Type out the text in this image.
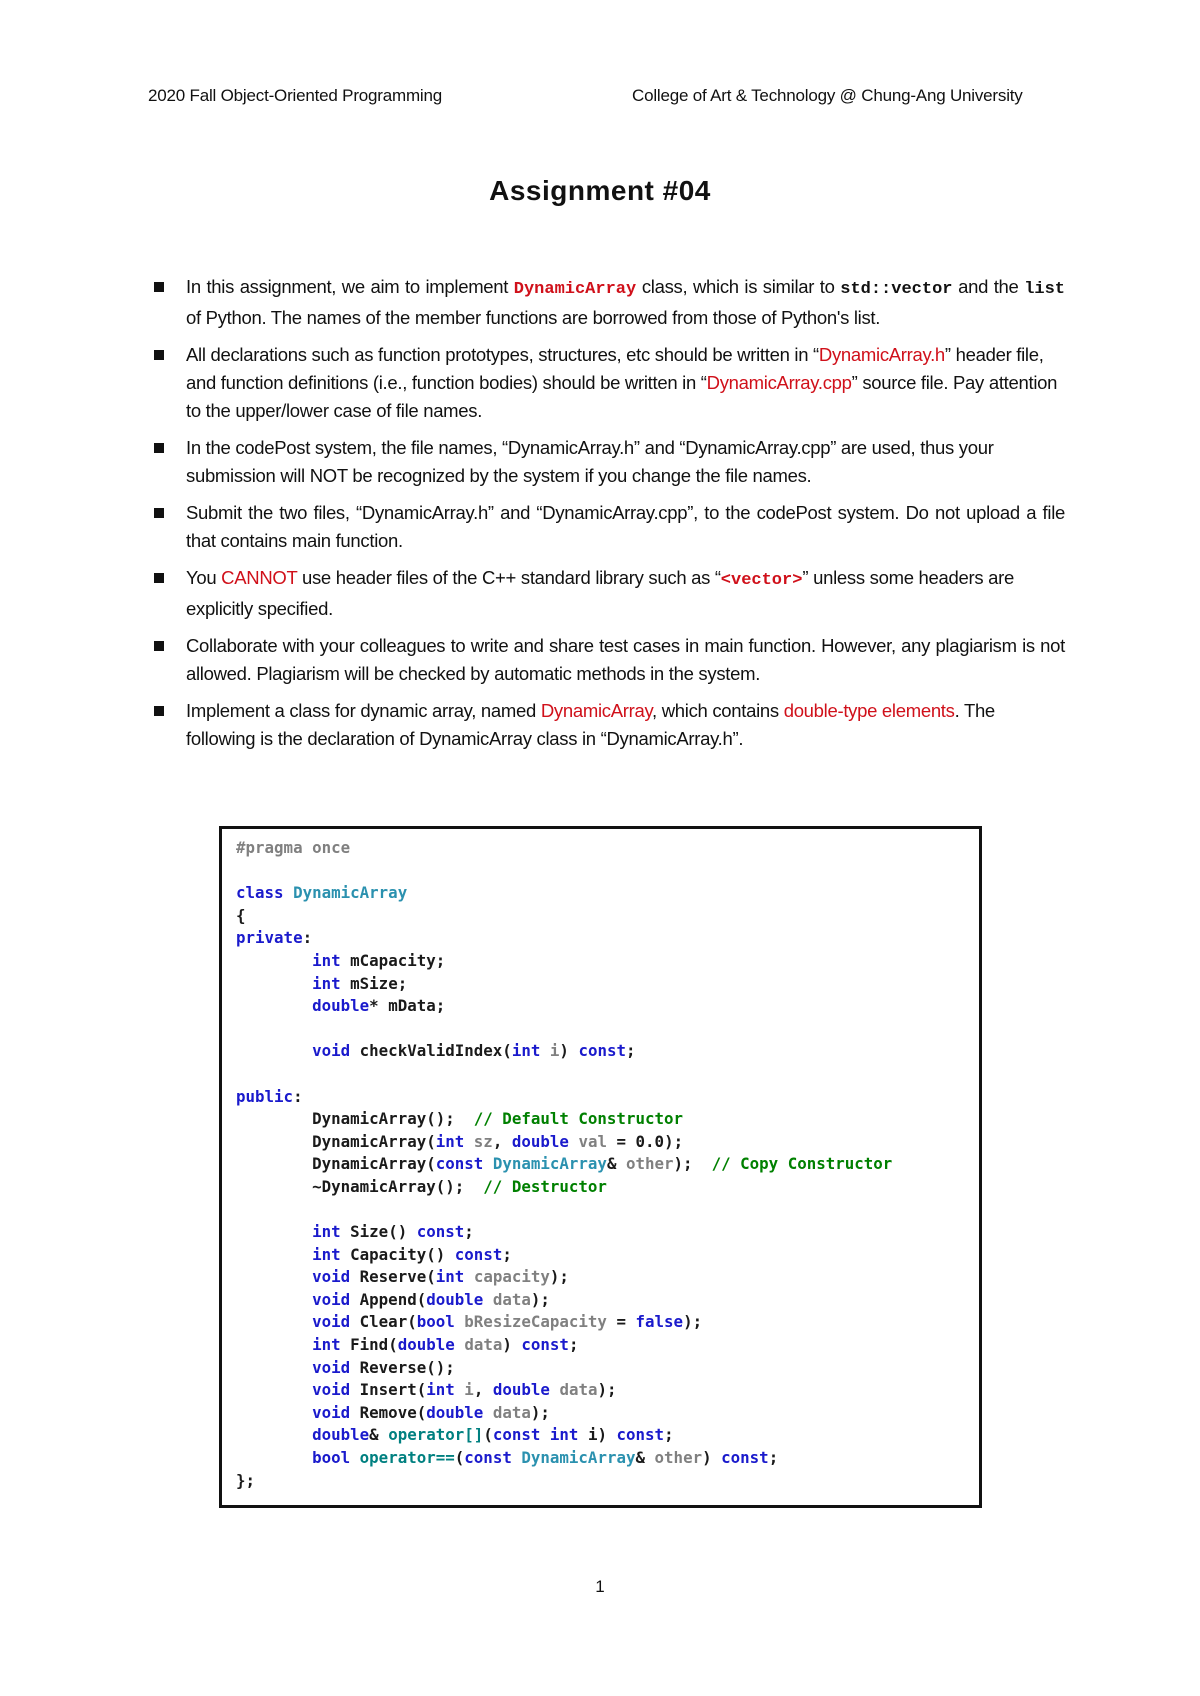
2020 Fall Object-Oriented Programming	College of Art & Technology @ Chung-Ang University
Assignment #04
In this assignment, we aim to implement DynamicArray class, which is similar to std::vector and the list of Python. The names of the member functions are borrowed from those of Python's list.
All declarations such as function prototypes, structures, etc should be written in “DynamicArray.h” header file, and function definitions (i.e., function bodies) should be written in “DynamicArray.cpp” source file. Pay attention to the upper/lower case of file names.
In the codePost system, the file names, “DynamicArray.h” and “DynamicArray.cpp” are used, thus your submission will NOT be recognized by the system if you change the file names.
Submit the two files, “DynamicArray.h” and “DynamicArray.cpp”, to the codePost system. Do not upload a file that contains main function.
You CANNOT use header files of the C++ standard library such as “<vector>” unless some headers are explicitly specified.
Collaborate with your colleagues to write and share test cases in main function. However, any plagiarism is not allowed. Plagiarism will be checked by automatic methods in the system.
Implement a class for dynamic array, named DynamicArray, which contains double-type elements. The following is the declaration of DynamicArray class in “DynamicArray.h”.
#pragma once
class DynamicArray
{
private:
int mCapacity;
int mSize;
double* mData;
void checkValidIndex(int i) const;
public:
DynamicArray();  // Default Constructor
DynamicArray(int sz, double val = 0.0);
DynamicArray(const DynamicArray& other);  // Copy Constructor
~DynamicArray();  // Destructor
int Size() const;
int Capacity() const;
void Reserve(int capacity);
void Append(double data);
void Clear(bool bResizeCapacity = false);
int Find(double data) const;
void Reverse();
void Insert(int i, double data);
void Remove(double data);
double& operator[](const int i) const;
bool operator==(const DynamicArray& other) const;
};
1
